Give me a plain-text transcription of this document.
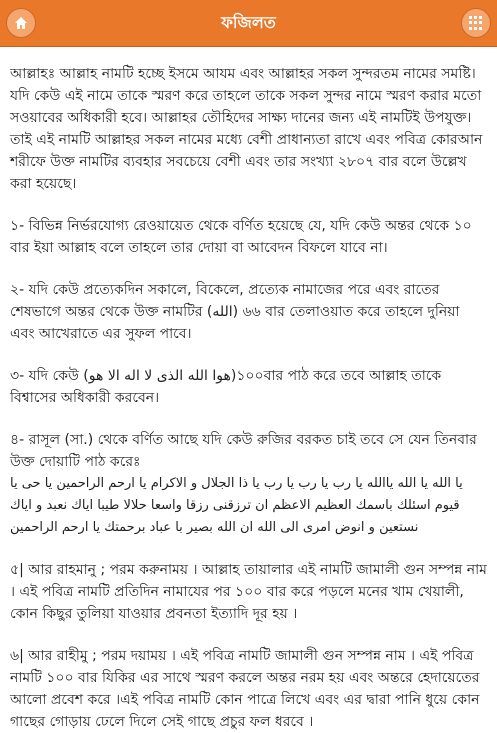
ফজিলত

আল্লাহঃ আল্লাহ নামটি হচ্ছে ইসমে আযম এবং আল্লাহর সকল সুন্দরতম নামের সমষ্টি। যদি কেউ এই নামে তাকে স্মরণ করে তাহলে তাকে সকল সুন্দর নামে স্মরণ করার মতো সওয়াবের অধিকারী হবে। আল্লাহর তৌহিদের সাক্ষ্য দানের জন্য এই নামটিই উপযুক্ত। তাই এই নামটি আল্লাহর সকল নামের মধ্যে বেশী প্রাধান্যতা রাখে এবং পবিত্র কোরআন শরীফে উক্ত নামটির ব্যবহার সবচেয়ে বেশী এবং তার সংখ্যা ২৮০৭ বার বলে উল্লেখ করা হয়েছে।

১- বিভিন্ন নির্ভরযোগ্য রেওয়ায়েত থেকে বর্ণিত হয়েছে যে, যদি কেউ অন্তর থেকে ১০ বার ইয়া আল্লাহ বলে তাহলে তার দোয়া বা আবেদন বিফলে যাবে না।

২- যদি কেউ প্রত্যেকদিন সকালে, বিকেলে, প্রত্যেক নামাজের পরে এবং রাতের শেষভাগে অন্তর থেকে উক্ত নামটির (الله) ৬৬ বার তেলাওয়াত করে তাহলে দুনিয়া এবং আখেরাতে এর সুফল পাবে।

৩- যদি কেউ (هوا الله الذى لا اله الا هو)১০০বার পাঠ করে তবে আল্লাহ তাকে বিশ্বাসের অধিকারী করবেন।

৪- রাসূল (সা.) থেকে বর্ণিত আছে যদি কেউ রুজির বরকত চাই তবে সে যেন তিনবার উক্ত দোয়াটি পাঠ করেঃ
يا الله يا الله ياالله يا رب يا رب يا رب يا ذا الجلال و الاكرام يا ارحم الراحمين يا حى يا قيوم اسئلك باسمك العظيم الاعظم ان ترزقنى رزقا واسعا حلالا طيبا اياك نعبد و اياك نستعين و انوض امرى الى الله ان الله بصير با عباد برحمتك يا ارحم الراحمين

৫| আর রাহমানু ; পরম করুনাময় । আল্লাহ তায়ালার এই নামটি জামালী গুন সম্পন্ন নাম । এই পবিত্র নামটি প্রতিদিন নামাযের পর ১০০ বার করে পড়লে মনের খাম খেয়ালী, কোন কিছুর তুলিয়া যাওয়ার প্রবনতা ইত্যাদি দূর হয় ।

৬| আর রাহীমু ; পরম দয়াময় । এই পবিত্র নামটি জামালী গুন সম্পন্ন নাম । এই পবিত্র নামটি ১০০ বার যিকির এর সাথে স্মরণ করলে অন্তর নরম হয় এবং অন্তরে হেদায়েতের আলো প্রবেশ করে ।এই পবিত্র নামটি কোন পাত্রে লিখে এবং এর দ্বারা পানি ধুয়ে কোন গাছের গোড়ায় ঢেলে দিলে সেই গাছে প্রচুর ফল ধরবে ।
